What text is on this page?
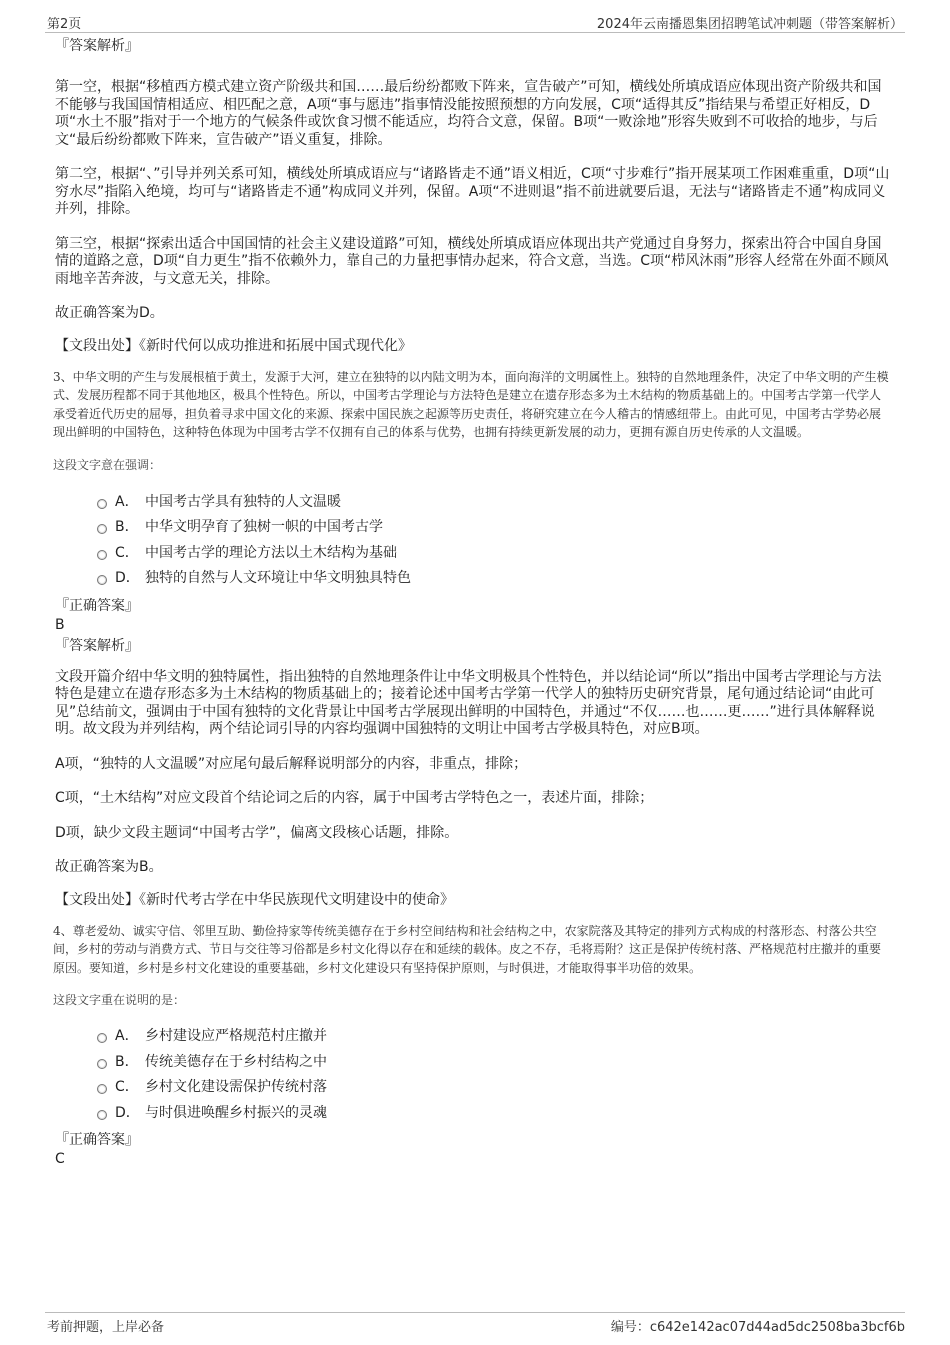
第2页	2024年云南播恩集团招聘笔试冲刺题（带答案解析）

『答案解析』

第一空，根据“移植西方模式建立资产阶级共和国……最后纷纷都败下阵来，宣告破产”可知，横线处所填成语应体现出资产阶级共和国不能够与我国国情相适应、相匹配之意，A项“事与愿违”指事情没能按照预想的方向发展，C项“适得其反”指结果与希望正好相反，D项“水土不服”指对于一个地方的气候条件或饮食习惯不能适应，均符合文意，保留。B项“一败涂地”形容失败到不可收拾的地步，与后文“最后纷纷都败下阵来，宣告破产”语义重复，排除。

第二空，根据“、”引导并列关系可知，横线处所填成语应与“诸路皆走不通”语义相近，C项“寸步难行”指开展某项工作困难重重，D项“山穷水尽”指陷入绝境，均可与“诸路皆走不通”构成同义并列，保留。A项“不进则退”指不前进就要后退，无法与“诸路皆走不通”构成同义并列，排除。

第三空，根据“探索出适合中国国情的社会主义建设道路”可知，横线处所填成语应体现出共产党通过自身努力，探索出符合中国自身国情的道路之意，D项“自力更生”指不依赖外力，靠自己的力量把事情办起来，符合文意，当选。C项“栉风沐雨”形容人经常在外面不顾风雨地辛苦奔波，与文意无关，排除。

故正确答案为D。

【文段出处】《新时代何以成功推进和拓展中国式现代化》

3、中华文明的产生与发展根植于黄土，发源于大河，建立在独特的以内陆文明为本，面向海洋的文明属性上。独特的自然地理条件，决定了中华文明的产生模式、发展历程都不同于其他地区，极具个性特色。所以，中国考古学理论与方法特色是建立在遗存形态多为土木结构的物质基础上的。中国考古学第一代学人承受着近代历史的屈辱，担负着寻求中国文化的来源、探索中国民族之起源等历史责任，将研究建立在今人稽古的情感纽带上。由此可见，中国考古学势必展现出鲜明的中国特色，这种特色体现为中国考古学不仅拥有自己的体系与优势，也拥有持续更新发展的动力，更拥有源自历史传承的人文温暖。

这段文字意在强调：

A． 中国考古学具有独特的人文温暖
B． 中华文明孕育了独树一帜的中国考古学
C． 中国考古学的理论方法以土木结构为基础
D． 独特的自然与人文环境让中华文明独具特色

『正确答案』

B

『答案解析』

文段开篇介绍中华文明的独特属性，指出独特的自然地理条件让中华文明极具个性特色，并以结论词“所以”指出中国考古学理论与方法特色是建立在遗存形态多为土木结构的物质基础上的；接着论述中国考古学第一代学人的独特历史研究背景，尾句通过结论词“由此可见”总结前文，强调由于中国有独特的文化背景让中国考古学展现出鲜明的中国特色，并通过“不仅……也……更……”进行具体解释说明。故文段为并列结构，两个结论词引导的内容均强调中国独特的文明让中国考古学极具特色，对应B项。

A项，“独特的人文温暖”对应尾句最后解释说明部分的内容，非重点，排除；

C项，“土木结构”对应文段首个结论词之后的内容，属于中国考古学特色之一，表述片面，排除；

D项，缺少文段主题词“中国考古学”，偏离文段核心话题，排除。

故正确答案为B。

【文段出处】《新时代考古学在中华民族现代文明建设中的使命》

4、尊老爱幼、诚实守信、邻里互助、勤俭持家等传统美德存在于乡村空间结构和社会结构之中，农家院落及其特定的排列方式构成的村落形态、村落公共空间，乡村的劳动与消费方式、节日与交往等习俗都是乡村文化得以存在和延续的载体。皮之不存，毛将焉附？这正是保护传统村落、严格规范村庄撤并的重要原因。要知道，乡村是乡村文化建设的重要基础，乡村文化建设只有坚持保护原则，与时俱进，才能取得事半功倍的效果。

这段文字重在说明的是：

A． 乡村建设应严格规范村庄撤并
B． 传统美德存在于乡村结构之中
C． 乡村文化建设需保护传统村落
D． 与时俱进唤醒乡村振兴的灵魂

『正确答案』

C

考前押题，上岸必备	编号：c642e142ac07d44ad5dc2508ba3bcf6b
